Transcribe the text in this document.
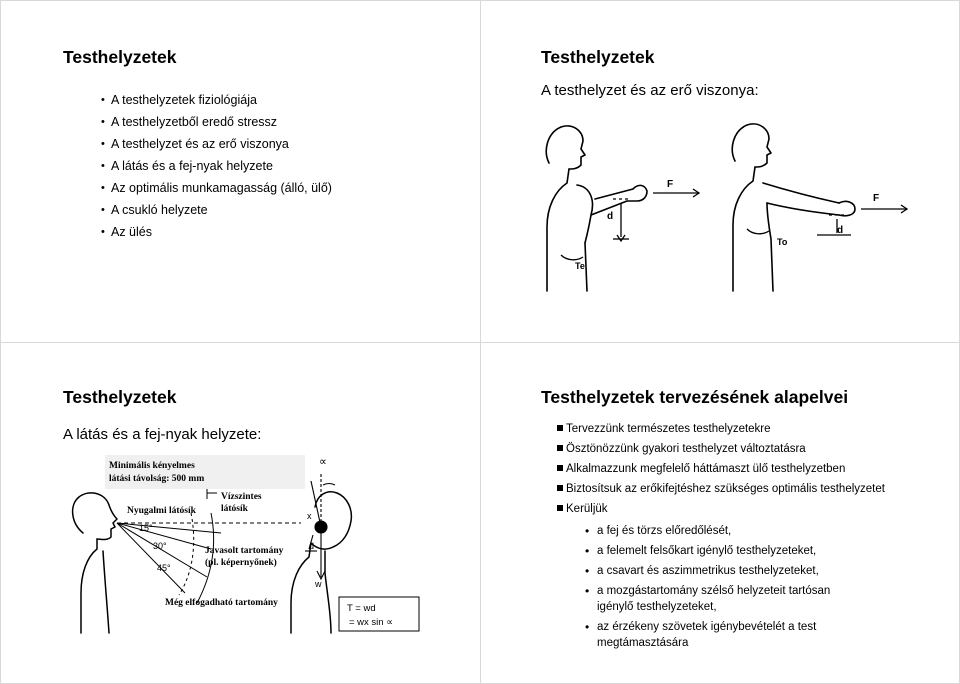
Testhelyzetek
• A testhelyzetek fiziológiája
• A testhelyzetből eredő stressz
• A testhelyzet és az erő viszonya
• A látás és a fej-nyak helyzete
• Az optimális munkamagasság (álló, ülő)
• A csukló helyzete
• Az ülés
Testhelyzetek
A testhelyzet és az erő viszonya:
F
d
Te
F
d
To
Testhelyzetek
A látás és a fej-nyak helyzete:
Minimális kényelmes
látási távolság: 500 mm
Vízszintes
látósík
Nyugalmi látósík
15°
30°
45°
Javasolt tartomány
(pl. képernyőnek)
Még elfogadható tartomány
∝
x
d
w
T = wd
= wx sin ∝
Testhelyzetek tervezésének alapelvei
Tervezzünk természetes testhelyzetekre
Ösztönözzünk gyakori testhelyzet változtatásra
Alkalmazzunk megfelelő háttámaszt ülő testhelyzetben
Biztosítsuk az erőkifejtéshez szükséges optimális testhelyzetet
Kerüljük
• a fej és törzs előredőlését,
• a felemelt felsőkart igénylő testhelyzeteket,
• a csavart és aszimmetrikus testhelyzeteket,
• a mozgástartomány szélső helyzeteit tartósan igénylő testhelyzeteket,
• az érzékeny szövetek igénybevételét a test megtámasztására
